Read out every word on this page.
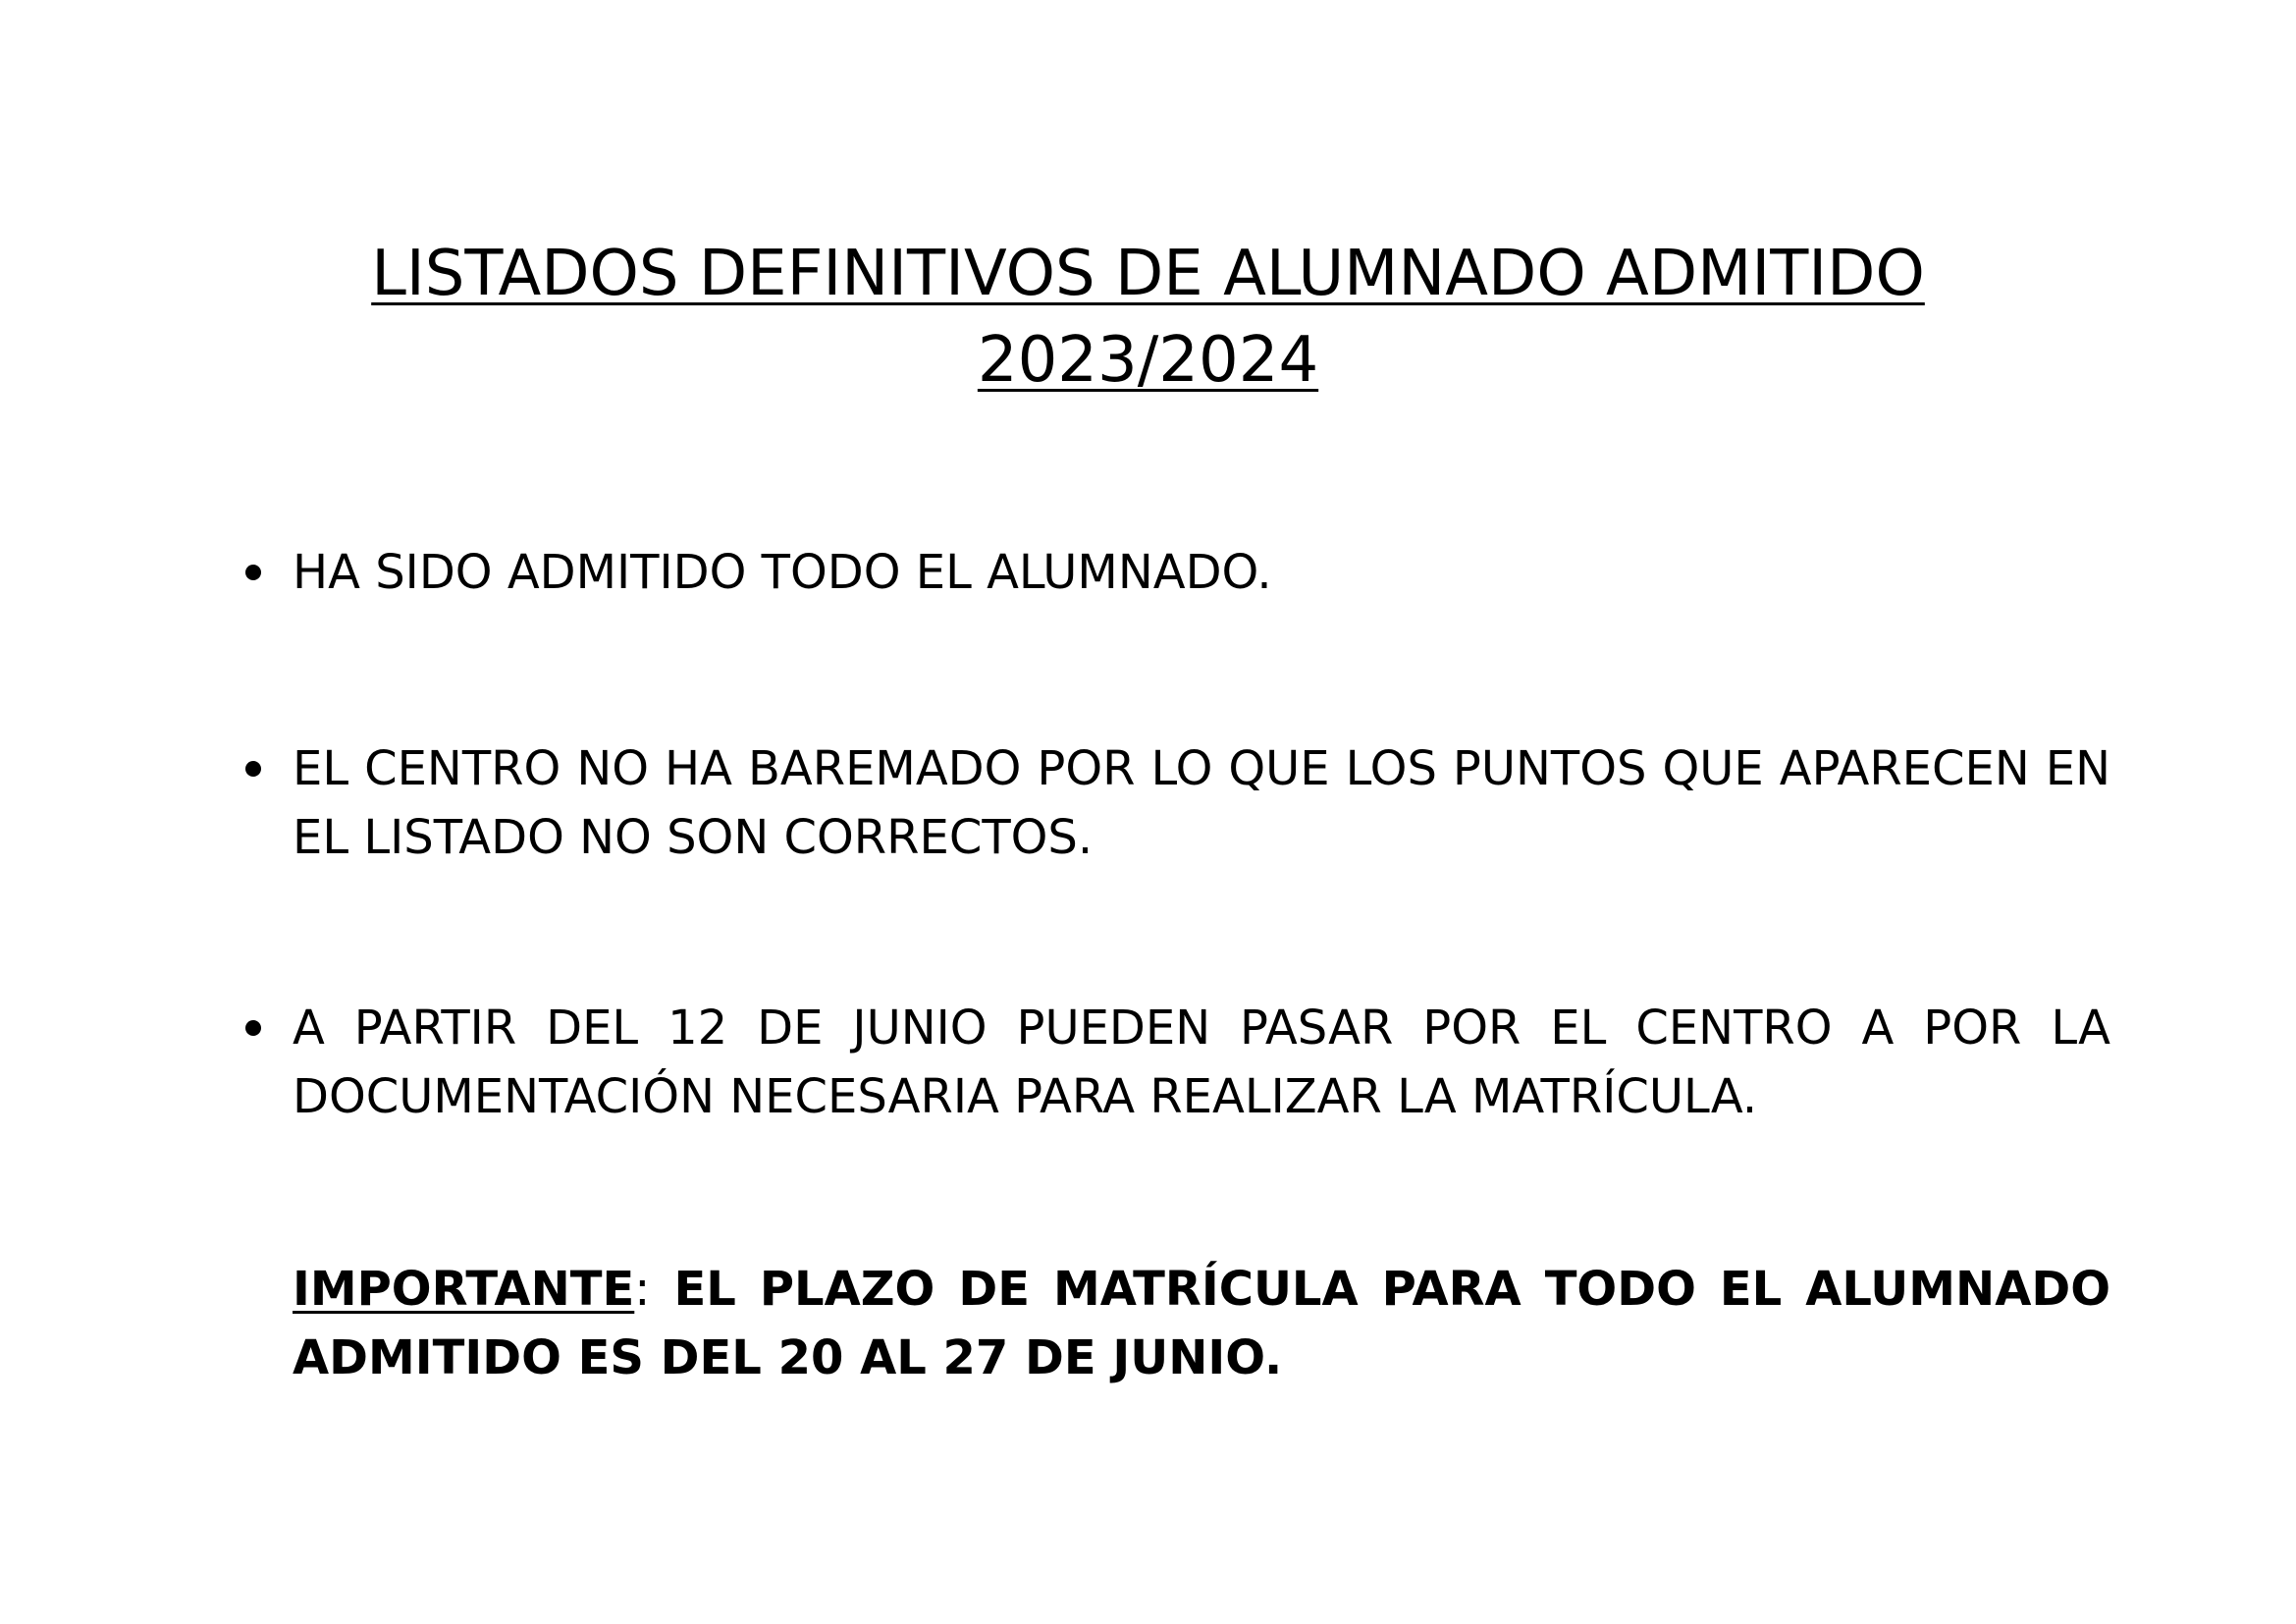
LISTADOS DEFINITIVOS DE ALUMNADO ADMITIDO
2023/2024
HA SIDO ADMITIDO TODO EL ALUMNADO.
EL CENTRO NO HA BAREMADO POR LO QUE LOS PUNTOS QUE APARECEN EN EL LISTADO NO SON CORRECTOS.
A PARTIR DEL 12 DE JUNIO PUEDEN PASAR POR EL CENTRO A POR LA DOCUMENTACIÓN NECESARIA PARA REALIZAR LA MATRÍCULA.

IMPORTANTE: EL PLAZO DE MATRÍCULA PARA TODO EL ALUMNADO ADMITIDO ES DEL 20 AL 27 DE JUNIO.
